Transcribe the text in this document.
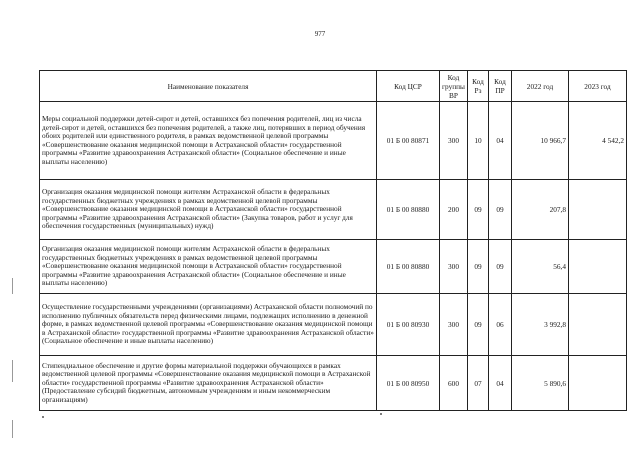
977
Наименование показателя	Код ЦСР	Код группы ВР	Код Рз	Код ПР	2022 год	2023 год
Меры социальной поддержки детей-сирот и детей, оставшихся без попечения родителей, лиц из числа детей-сирот и детей, оставшихся без попечения родителей, а также лиц, потерявших в период обучения обоих родителей или единственного родителя, в рамках ведомственной целевой программы «Совершенствование оказания медицинской помощи в Астраханской области» государственной программы «Развитие здравоохранения Астраханской области» (Социальное обеспечение и иные выплаты населению)	01 Б 00 80871	300	10	04	10 966,7	4 542,2
Организация оказания медицинской помощи жителям Астраханской области в федеральных государственных бюджетных учреждениях в рамках ведомственной целевой программы «Совершенствование оказания медицинской помощи в Астраханской области» государственной программы «Развитие здравоохранения Астраханской области» (Закупка товаров, работ и услуг для обеспечения государственных (муниципальных) нужд)	01 Б 00 80880	200	09	09	207,8	
Организация оказания медицинской помощи жителям Астраханской области в федеральных государственных бюджетных учреждениях в рамках ведомственной целевой программы «Совершенствование оказания медицинской помощи в Астраханской области» государственной программы «Развитие здравоохранения Астраханской области» (Социальное обеспечение и иные выплаты населению)	01 Б 00 80880	300	09	09	56,4	
Осуществление государственными учреждениями (организациями) Астраханской области полномочий по исполнению публичных обязательств перед физическими лицами, подлежащих исполнению в денежной форме, в рамках ведомственной целевой программы «Совершенствование оказания медицинской помощи в Астраханской области» государственной программы «Развитие здравоохранения Астраханской области» (Социальное обеспечение и иные выплаты населению)	01 Б 00 80930	300	09	06	3 992,8	
Стипендиальное обеспечение и другие формы материальной поддержки обучающихся в рамках ведомственной целевой программы «Совершенствование оказания медицинской помощи в Астраханской области» государственной программы «Развитие здравоохранения Астраханской области» (Предоставление субсидий бюджетным, автономным учреждениям и иным некоммерческим организациям)	01 Б 00 80950	600	07	04	5 890,6	
